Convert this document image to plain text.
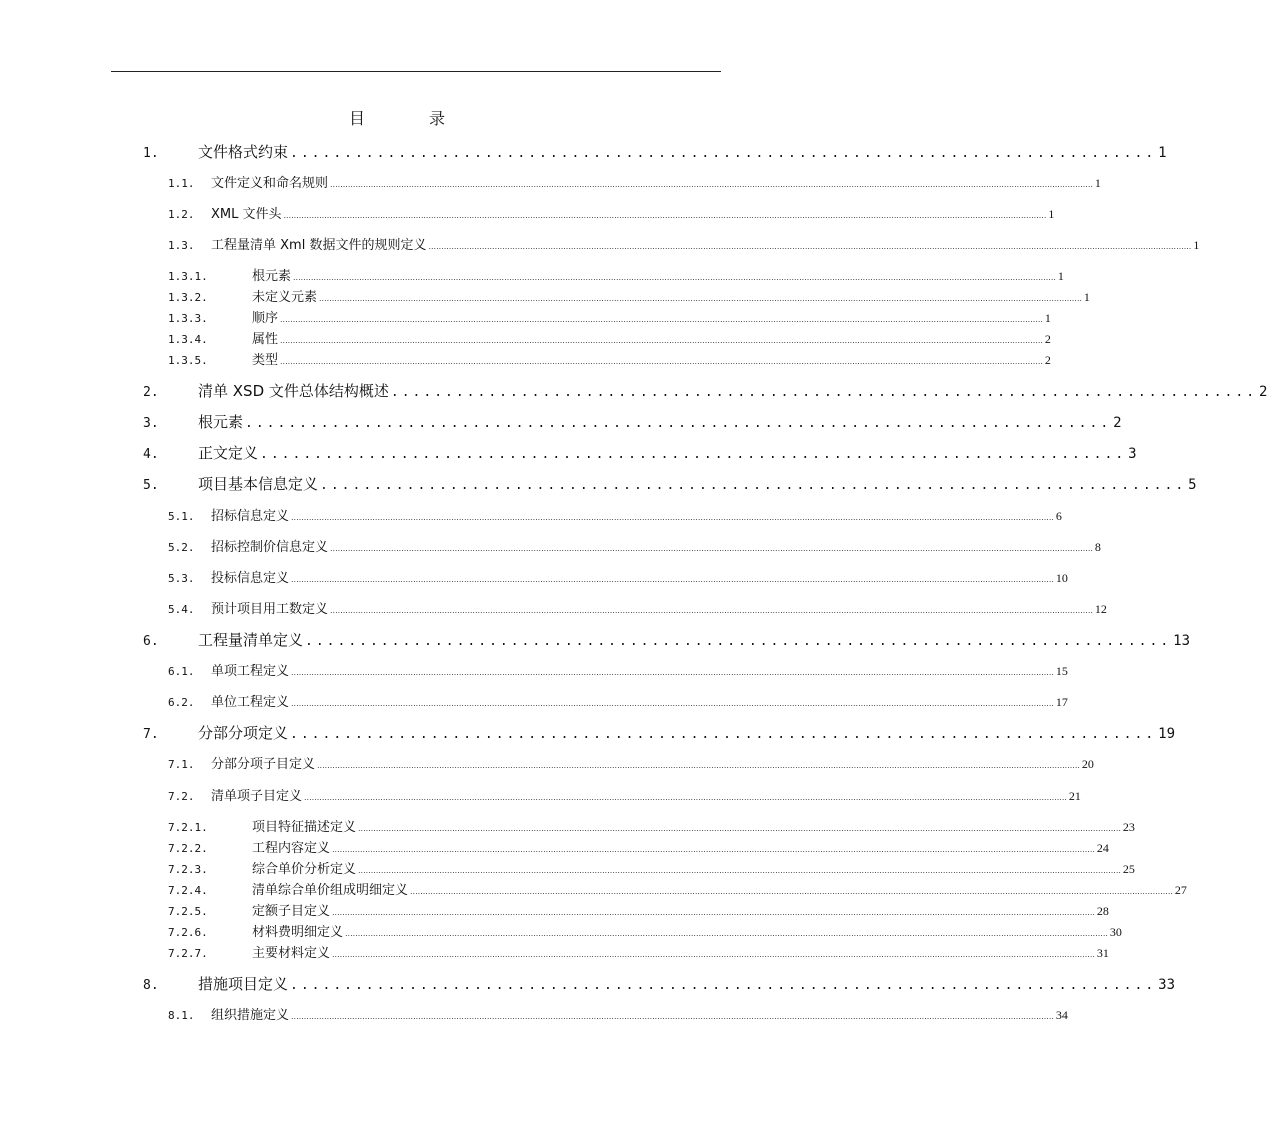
目　录
1.	文件格式约束 ................................................................................ 1
1.1.	文件定义和命名规则 ............................................................................................................................................................................................................................................................................................................ 1
1.2.	XML 文件头 ............................................................................................................................................................................................................................................................................................................ 1
1.3.	工程量清单 Xml 数据文件的规则定义 ............................................................................................................................................................................................................................................................................................................ 1
1.3.1.	根元素 ............................................................................................................................................................................................................................................................................................................ 1
1.3.2.	未定义元素 ............................................................................................................................................................................................................................................................................................................ 1
1.3.3.	顺序 ............................................................................................................................................................................................................................................................................................................ 1
1.3.4.	属性 ............................................................................................................................................................................................................................................................................................................ 2
1.3.5.	类型 ............................................................................................................................................................................................................................................................................................................ 2
2.	清单 XSD 文件总体结构概述 ................................................................................ 2
3.	根元素 ................................................................................ 2
4.	正文定义 ................................................................................ 3
5.	项目基本信息定义 ................................................................................ 5
5.1.	招标信息定义 ............................................................................................................................................................................................................................................................................................................ 6
5.2.	招标控制价信息定义 ............................................................................................................................................................................................................................................................................................................ 8
5.3.	投标信息定义 ............................................................................................................................................................................................................................................................................................................ 10
5.4.	预计项目用工数定义 ............................................................................................................................................................................................................................................................................................................ 12
6.	工程量清单定义 ................................................................................ 13
6.1.	单项工程定义 ............................................................................................................................................................................................................................................................................................................ 15
6.2.	单位工程定义 ............................................................................................................................................................................................................................................................................................................ 17
7.	分部分项定义 ................................................................................ 19
7.1.	分部分项子目定义 ............................................................................................................................................................................................................................................................................................................ 20
7.2.	清单项子目定义 ............................................................................................................................................................................................................................................................................................................ 21
7.2.1.	项目特征描述定义 ............................................................................................................................................................................................................................................................................................................ 23
7.2.2.	工程内容定义 ............................................................................................................................................................................................................................................................................................................ 24
7.2.3.	综合单价分析定义 ............................................................................................................................................................................................................................................................................................................ 25
7.2.4.	清单综合单价组成明细定义 ............................................................................................................................................................................................................................................................................................................ 27
7.2.5.	定额子目定义 ............................................................................................................................................................................................................................................................................................................ 28
7.2.6.	材料费明细定义 ............................................................................................................................................................................................................................................................................................................ 30
7.2.7.	主要材料定义 ............................................................................................................................................................................................................................................................................................................ 31
8.	措施项目定义 ................................................................................ 33
8.1.	组织措施定义 ............................................................................................................................................................................................................................................................................................................ 34
